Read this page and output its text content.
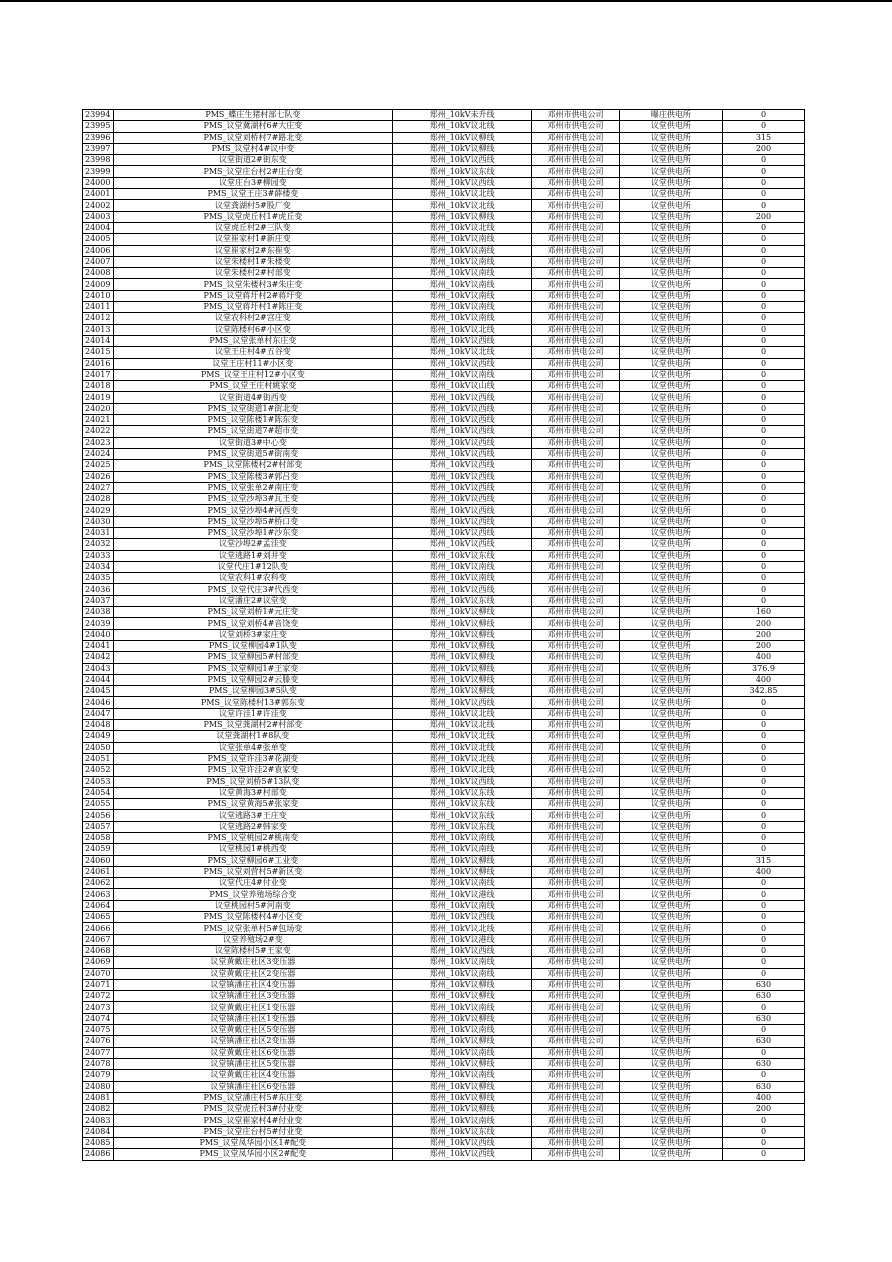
23994	PMS_蝶庄生猪村部七队变	郑州_10kV未升线	邓州市供电公司	曝庄供电所	0
23995	PMS_议堂冀湖村6#大庄变	郑州_10kV议北线	邓州市供电公司	议堂供电所	0
23996	PMS_议堂刘桥村7#路北变	郑州_10kV议柳线	邓州市供电公司	议堂供电所	315
23997	PMS_议堂村4#议中变	郑州_10kV议柳线	邓州市供电公司	议堂供电所	200
23998	议堂街道2#街东变	郑州_10kV议西线	邓州市供电公司	议堂供电所	0
23999	PMS_议堂庄台村2#庄台变	郑州_10kV议东线	邓州市供电公司	议堂供电所	0
24000	议堂庄台3#柳园变	郑州_10kV议西线	邓州市供电公司	议堂供电所	0
24001	PMS_议堂王庄3#薛楼变	郑州_10kV议北线	邓州市供电公司	议堂供电所	0
24002	议堂龚湖村5#股厂变	郑州_10kV议北线	邓州市供电公司	议堂供电所	0
24003	PMS_议堂虎丘村1#虎丘变	郑州_10kV议柳线	邓州市供电公司	议堂供电所	200
24004	议堂虎丘村2#三队变	郑州_10kV议北线	邓州市供电公司	议堂供电所	0
24005	议堂崔家村1#新庄变	郑州_10kV议南线	邓州市供电公司	议堂供电所	0
24006	议堂崔家村2#东崔变	郑州_10kV议南线	邓州市供电公司	议堂供电所	0
24007	议堂朱楼村1#朱楼变	郑州_10kV议南线	邓州市供电公司	议堂供电所	0
24008	议堂朱楼村2#村部变	郑州_10kV议南线	邓州市供电公司	议堂供电所	0
24009	PMS_议堂朱楼村3#朱庄变	郑州_10kV议南线	邓州市供电公司	议堂供电所	0
24010	PMS_议堂蒋圩村2#蒋圩变	郑州_10kV议南线	邓州市供电公司	议堂供电所	0
24011	PMS_议堂蒋圩村1#陈庄变	郑州_10kV议南线	邓州市供电公司	议堂供电所	0
24012	议堂农科村2#宫庄变	郑州_10kV议南线	邓州市供电公司	议堂供电所	0
24013	议堂陈楼村6#小区变	郑州_10kV议北线	邓州市供电公司	议堂供电所	0
24014	PMS_议堂张单村东庄变	郑州_10kV议西线	邓州市供电公司	议堂供电所	0
24015	议堂王庄村4#五谷变	郑州_10kV议北线	邓州市供电公司	议堂供电所	0
24016	议堂王庄村11#小区变	郑州_10kV议西线	邓州市供电公司	议堂供电所	0
24017	PMS_议堂王庄村12#小区变	郑州_10kV议南线	邓州市供电公司	议堂供电所	0
24018	PMS_议堂王庄村姚家变	郑州_10kV议山线	邓州市供电公司	议堂供电所	0
24019	议堂街道4#街西变	郑州_10kV议西线	邓州市供电公司	议堂供电所	0
24020	PMS_议堂街道1#街北变	郑州_10kV议西线	邓州市供电公司	议堂供电所	0
24021	PMS_议堂陈楼1#陈东变	郑州_10kV议西线	邓州市供电公司	议堂供电所	0
24022	PMS_议堂街道7#超市变	郑州_10kV议西线	邓州市供电公司	议堂供电所	0
24023	议堂街道3#中心变	郑州_10kV议西线	邓州市供电公司	议堂供电所	0
24024	PMS_议堂街道5#街南变	郑州_10kV议西线	邓州市供电公司	议堂供电所	0
24025	PMS_议堂陈楼村2#村部变	郑州_10kV议西线	邓州市供电公司	议堂供电所	0
24026	PMS_议堂陈楼3#郭吕变	郑州_10kV议西线	邓州市供电公司	议堂供电所	0
24027	PMS_议堂张单2#南庄变	郑州_10kV议西线	邓州市供电公司	议堂供电所	0
24028	PMS_议堂沙埠3#瓦王变	郑州_10kV议西线	邓州市供电公司	议堂供电所	0
24029	PMS_议堂沙埠4#河西变	郑州_10kV议西线	邓州市供电公司	议堂供电所	0
24030	PMS_议堂沙埠5#桥口变	郑州_10kV议西线	邓州市供电公司	议堂供电所	0
24031	PMS_议堂沙埠1#沙东变	郑州_10kV议西线	邓州市供电公司	议堂供电所	0
24032	议堂沙埠2#孟洼变	郑州_10kV议西线	邓州市供电公司	议堂供电所	0
24033	议堂逃路1#刘井变	郑州_10kV议东线	邓州市供电公司	议堂供电所	0
24034	议堂代庄1#12队变	郑州_10kV议南线	邓州市供电公司	议堂供电所	0
24035	议堂农科1#农科变	郑州_10kV议南线	邓州市供电公司	议堂供电所	0
24036	PMS_议堂代庄3#代西变	郑州_10kV议西线	邓州市供电公司	议堂供电所	0
24037	议堂潘庄2#议堂变	郑州_10kV议东线	邓州市供电公司	议堂供电所	0
24038	PMS_议堂刘桥1#元庄变	郑州_10kV议柳线	邓州市供电公司	议堂供电所	160
24039	PMS_议堂刘桥4#音饶变	郑州_10kV议柳线	邓州市供电公司	议堂供电所	200
24040	议堂刘桥3#家庄变	郑州_10kV议柳线	邓州市供电公司	议堂供电所	200
24041	PMS_议堂柳园4#1队变	郑州_10kV议柳线	邓州市供电公司	议堂供电所	200
24042	PMS_议堂柳园5#村部变	郑州_10kV议柳线	邓州市供电公司	议堂供电所	400
24043	PMS_议堂柳园1#王家变	郑州_10kV议柳线	邓州市供电公司	议堂供电所	376.9
24044	PMS_议堂柳园2#云滕变	郑州_10kV议柳线	邓州市供电公司	议堂供电所	400
24045	PMS_议堂柳园3#5队变	郑州_10kV议柳线	邓州市供电公司	议堂供电所	342.85
24046	PMS_议堂陈楼村13#郭东变	郑州_10kV议西线	邓州市供电公司	议堂供电所	0
24047	议堂许洼1#许洼变	郑州_10kV议北线	邓州市供电公司	议堂供电所	0
24048	PMS_议堂龚湖村2#村部变	郑州_10kV议北线	邓州市供电公司	议堂供电所	0
24049	议堂龚湖村1#8队变	郑州_10kV议北线	邓州市供电公司	议堂供电所	0
24050	议堂张单4#张单变	郑州_10kV议北线	邓州市供电公司	议堂供电所	0
24051	PMS_议堂许洼3#花湖变	郑州_10kV议北线	邓州市供电公司	议堂供电所	0
24052	PMS_议堂许洼2#袁家变	郑州_10kV议北线	邓州市供电公司	议堂供电所	0
24053	PMS_议堂刘桥5#13队变	郑州_10kV议西线	邓州市供电公司	议堂供电所	0
24054	议堂黄海3#村部变	郑州_10kV议东线	邓州市供电公司	议堂供电所	0
24055	PMS_议堂黄海5#张家变	郑州_10kV议东线	邓州市供电公司	议堂供电所	0
24056	议堂逃路3#王庄变	郑州_10kV议东线	邓州市供电公司	议堂供电所	0
24057	议堂逃路2#韩家变	郑州_10kV议东线	邓州市供电公司	议堂供电所	0
24058	PMS_议堂桃园2#桃南变	郑州_10kV议南线	邓州市供电公司	议堂供电所	0
24059	议堂桃园1#桃西变	郑州_10kV议南线	邓州市供电公司	议堂供电所	0
24060	PMS_议堂柳园6#工业变	郑州_10kV议柳线	邓州市供电公司	议堂供电所	315
24061	PMS_议堂刘营村5#新区变	郑州_10kV议柳线	邓州市供电公司	议堂供电所	400
24062	议堂代庄4#付业变	郑州_10kV议南线	邓州市供电公司	议堂供电所	0
24063	PMS_议堂养殖场综合变	郑州_10kV议港线	邓州市供电公司	议堂供电所	0
24064	议堂桃园村5#河南变	郑州_10kV议南线	邓州市供电公司	议堂供电所	0
24065	PMS_议堂陈楼村4#小区变	郑州_10kV议西线	邓州市供电公司	议堂供电所	0
24066	PMS_议堂张单村5#包场变	郑州_10kV议北线	邓州市供电公司	议堂供电所	0
24067	议堂养殖场2#变	郑州_10kV议港线	邓州市供电公司	议堂供电所	0
24068	议堂陈楼村5#王家变	郑州_10kV议西线	邓州市供电公司	议堂供电所	0
24069	议堂黄戴庄社区3变压器	郑州_10kV议南线	邓州市供电公司	议堂供电所	0
24070	议堂黄戴庄社区2变压器	郑州_10kV议南线	邓州市供电公司	议堂供电所	0
24071	议堂镇潘庄社区4变压器	郑州_10kV议柳线	邓州市供电公司	议堂供电所	630
24072	议堂镇潘庄社区3变压器	郑州_10kV议柳线	邓州市供电公司	议堂供电所	630
24073	议堂黄戴庄社区1变压器	郑州_10kV议南线	邓州市供电公司	议堂供电所	0
24074	议堂镇潘庄社区1变压器	郑州_10kV议柳线	邓州市供电公司	议堂供电所	630
24075	议堂黄戴庄社区5变压器	郑州_10kV议南线	邓州市供电公司	议堂供电所	0
24076	议堂镇潘庄社区2变压器	郑州_10kV议柳线	邓州市供电公司	议堂供电所	630
24077	议堂黄戴庄社区6变压器	郑州_10kV议南线	邓州市供电公司	议堂供电所	0
24078	议堂镇潘庄社区5变压器	郑州_10kV议柳线	邓州市供电公司	议堂供电所	630
24079	议堂黄戴庄社区4变压器	郑州_10kV议南线	邓州市供电公司	议堂供电所	0
24080	议堂镇潘庄社区6变压器	郑州_10kV议柳线	邓州市供电公司	议堂供电所	630
24081	PMS_议堂潘庄村5#东庄变	郑州_10kV议柳线	邓州市供电公司	议堂供电所	400
24082	PMS_议堂虎丘村3#付业变	郑州_10kV议柳线	邓州市供电公司	议堂供电所	200
24083	PMS_议堂崔家村4#付业变	郑州_10kV议南线	邓州市供电公司	议堂供电所	0
24084	PMS_议堂庄台村5#付业变	郑州_10kV议东线	邓州市供电公司	议堂供电所	0
24085	PMS_议堂凤华园小区1#配变	郑州_10kV议西线	邓州市供电公司	议堂供电所	0
24086	PMS_议堂凤华园小区2#配变	郑州_10kV议西线	邓州市供电公司	议堂供电所	0
